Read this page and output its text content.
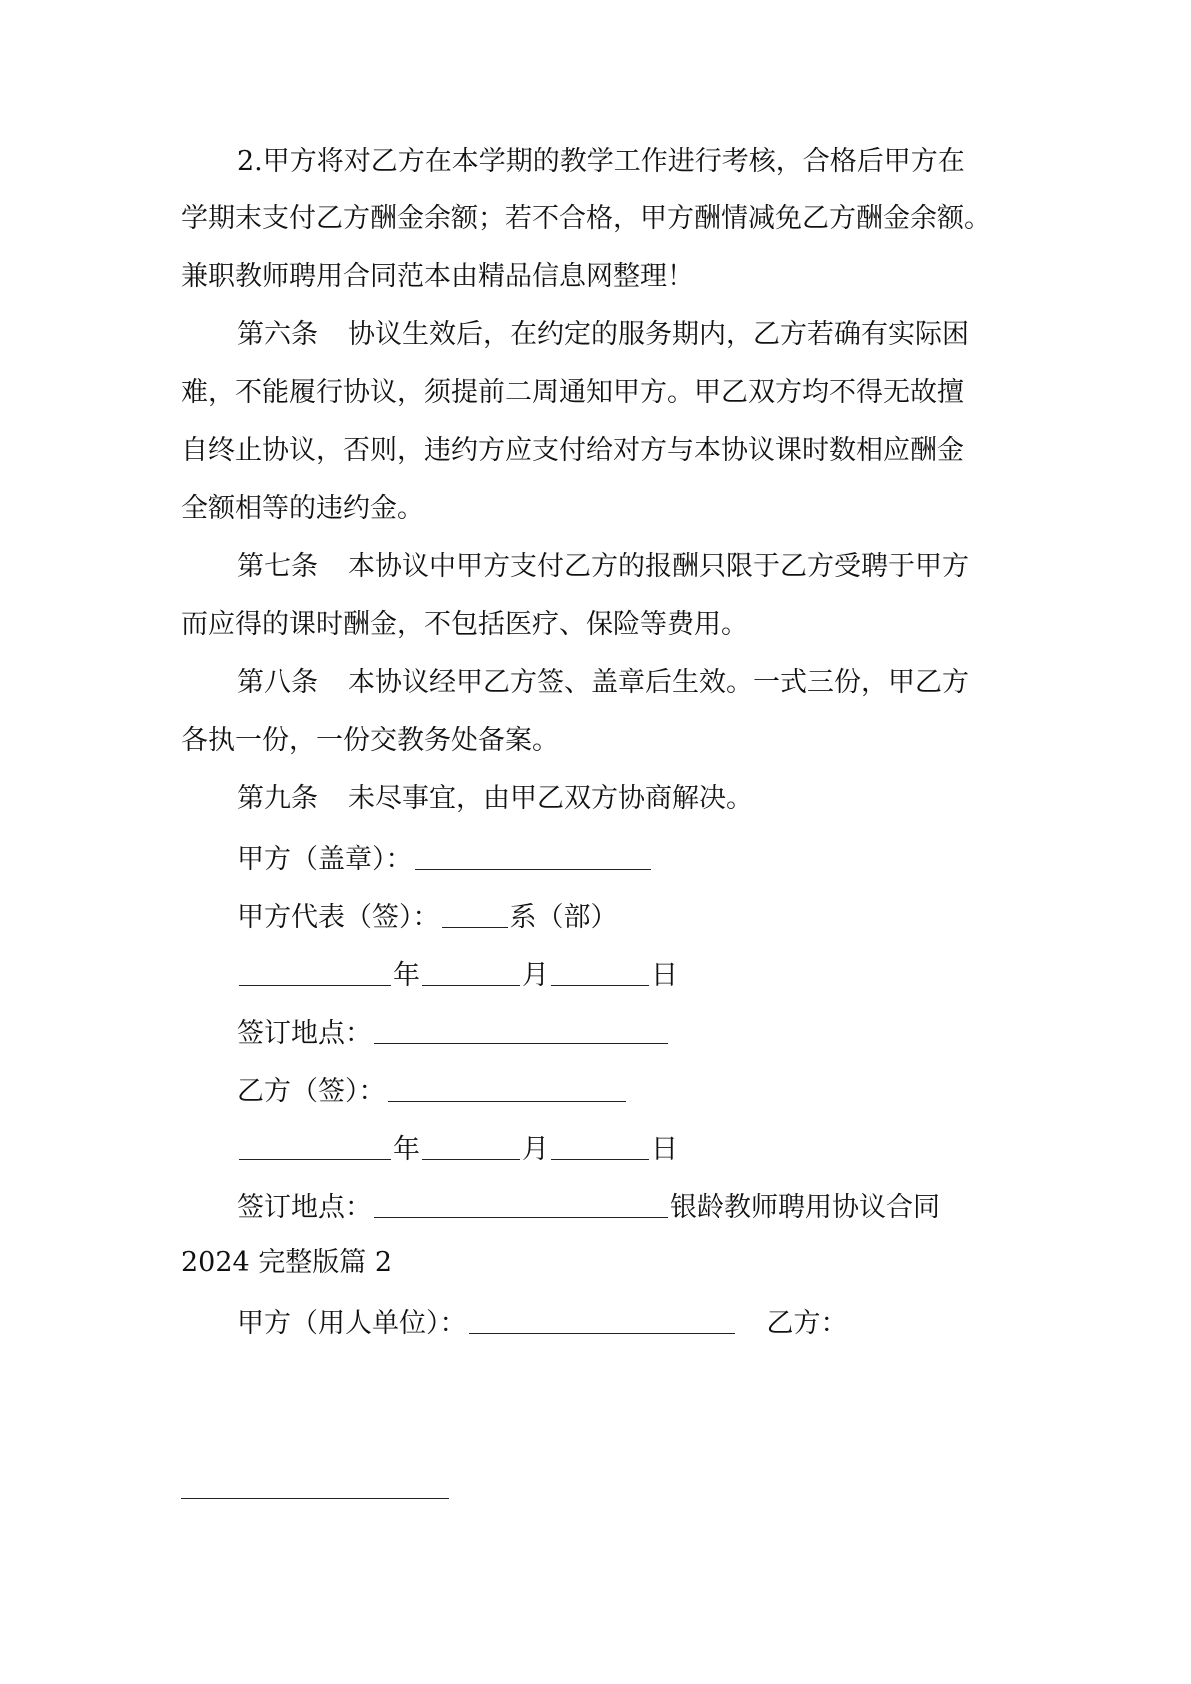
2.甲方将对乙方在本学期的教学工作进行考核，合格后甲方在
学期末支付乙方酬金余额；若不合格，甲方酬情减免乙方酬金余额。
兼职教师聘用合同范本由精品信息网整理！
第六条 协议生效后，在约定的服务期内，乙方若确有实际困
难，不能履行协议，须提前二周通知甲方。甲乙双方均不得无故擅
自终止协议，否则，违约方应支付给对方与本协议课时数相应酬金
全额相等的违约金。
第七条 本协议中甲方支付乙方的报酬只限于乙方受聘于甲方
而应得的课时酬金，不包括医疗、保险等费用。
第八条 本协议经甲乙方签、盖章后生效。一式三份，甲乙方
各执一份，一份交教务处备案。
第九条 未尽事宜，由甲乙双方协商解决。
甲方（盖章）：
甲方代表（签）：	系（部）
年	月	日
签订地点：
乙方（签）：
年	月	日
签订地点：	银龄教师聘用协议合同
2024 完整版篇 2
甲方（用人单位）：	乙方：
